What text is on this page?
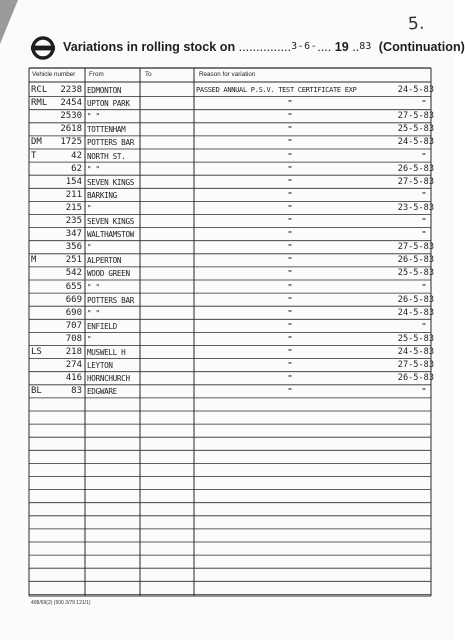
5.
Variations in rolling stock on ...............3-6-.... 19 ..83 (Continuation)
Vehicle number From	To	Reason for variation
RCL	2238 EDMONTON	PASSED ANNUAL P.S.V. TEST CERTIFICATE EXP	24-5-83
RML	2454 UPTON PARK	"	"
2530 " "	"	27-5-83
2618 TOTTENHAM	"	25-5-83
DM	1725 POTTERS BAR	"	24-5-83
T	42 NORTH ST.	"	"
62 " "	"	26-5-83
154 SEVEN KINGS	"	27-5-83
211 BARKING	"	"
215 "	"	23-5-83
235 SEVEN KINGS	"	"
347 WALTHAMSTOW	"	"
356 "	"	27-5-83
M	251 ALPERTON	"	26-5-83
542 WOOD GREEN	"	25-5-83
655 " "	"	"
669 POTTERS BAR	"	26-5-83
690 " "	"	24-5-83
707 ENFIELD	"	"
708 "	"	25-5-83
LS	218 MUSWELL H	"	24-5-83
274 LEYTON	"	27-5-83
416 HORNCHURCH	"	26-5-83
BL	83 EDGWARE	"	"
408/69(2) (500 3/79 121/1)
